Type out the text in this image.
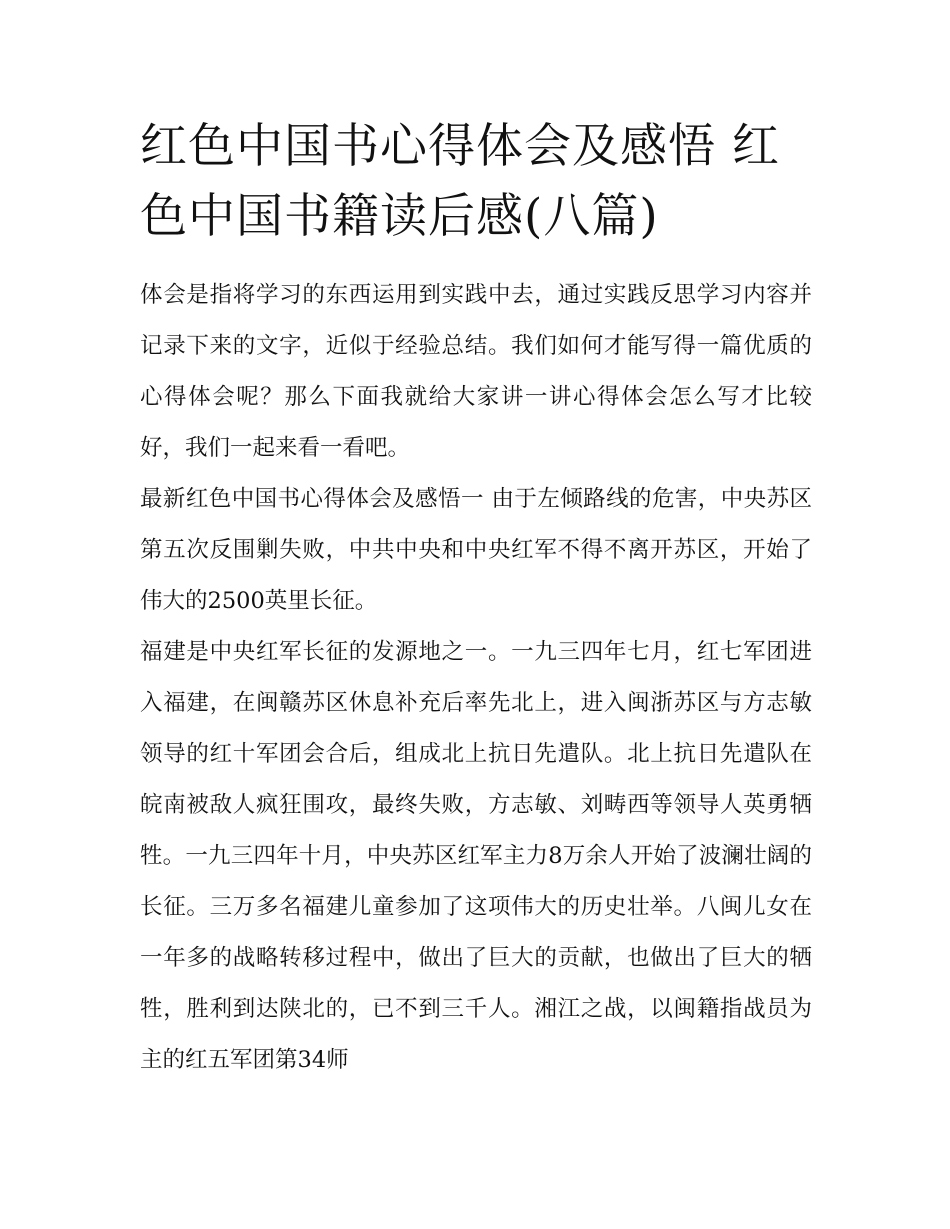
红色中国书心得体会及感悟 红色中国书籍读后感(八篇)

体会是指将学习的东西运用到实践中去，通过实践反思学习内容并记录下来的文字，近似于经验总结。我们如何才能写得一篇优质的心得体会呢？那么下面我就给大家讲一讲心得体会怎么写才比较好，我们一起来看一看吧。

最新红色中国书心得体会及感悟一 由于左倾路线的危害，中央苏区第五次反围剿失败，中共中央和中央红军不得不离开苏区，开始了伟大的2500英里长征。

福建是中央红军长征的发源地之一。一九三四年七月，红七军团进入福建，在闽赣苏区休息补充后率先北上，进入闽浙苏区与方志敏领导的红十军团会合后，组成北上抗日先遣队。北上抗日先遣队在皖南被敌人疯狂围攻，最终失败，方志敏、刘畴西等领导人英勇牺牲。一九三四年十月，中央苏区红军主力8万余人开始了波澜壮阔的长征。三万多名福建儿童参加了这项伟大的历史壮举。八闽儿女在一年多的战略转移过程中，做出了巨大的贡献，也做出了巨大的牺牲，胜利到达陕北的，已不到三千人。湘江之战，以闽籍指战员为主的红五军团第34师
